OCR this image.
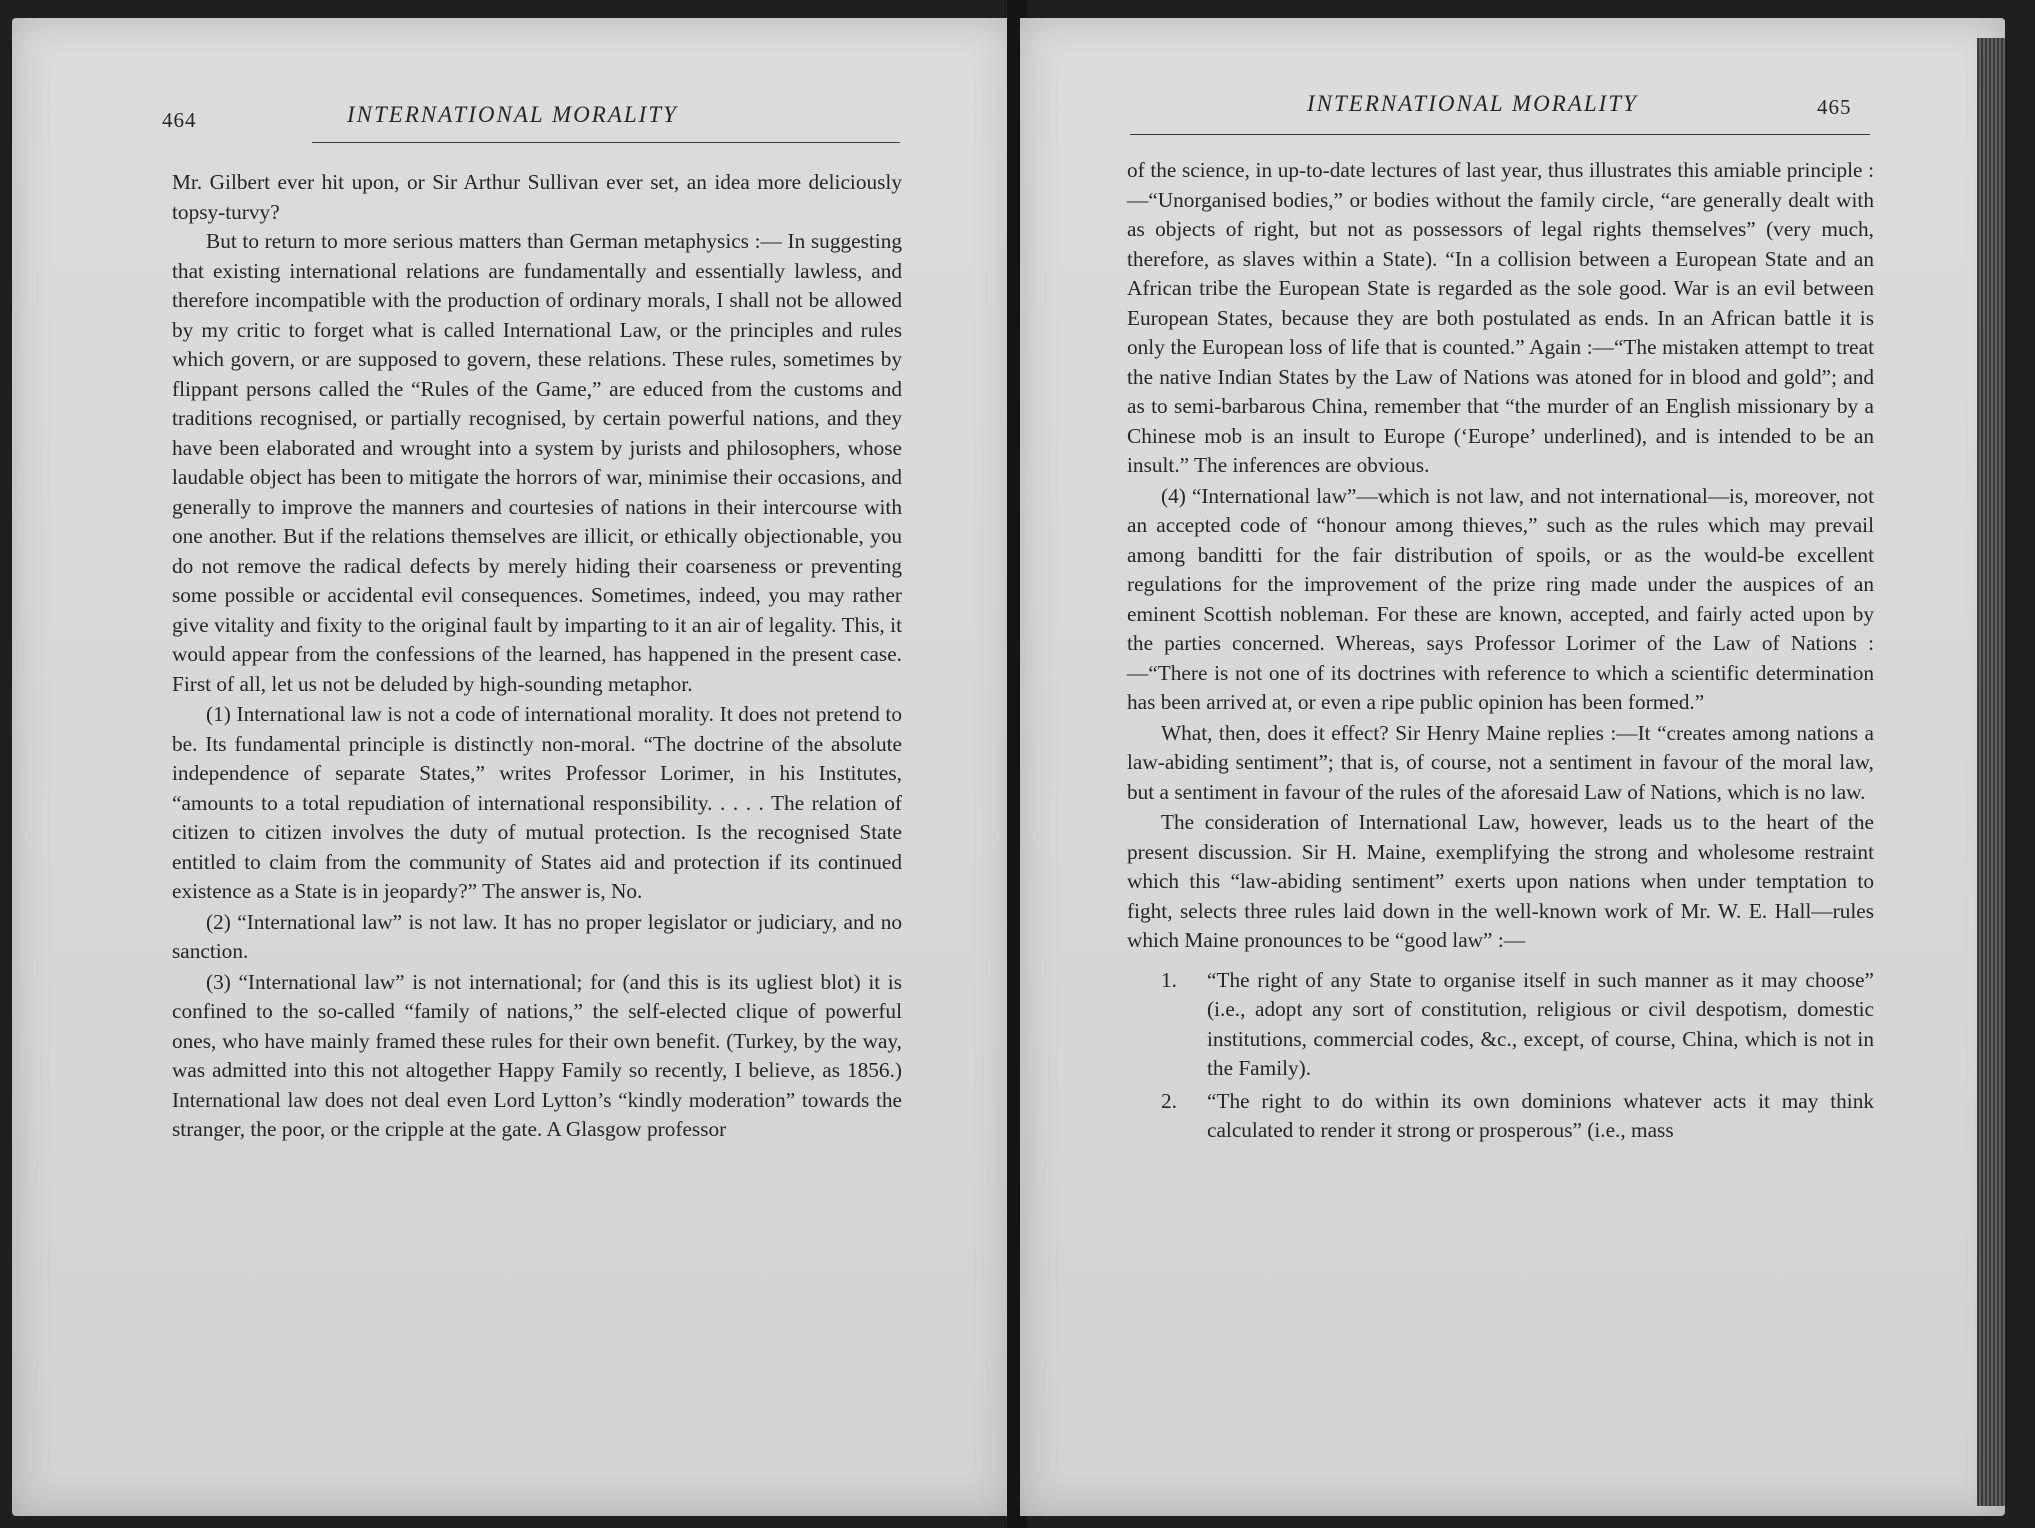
464	INTERNATIONAL MORALITY

Mr. Gilbert ever hit upon, or Sir Arthur Sullivan ever set, an idea more deliciously topsy-turvy?

But to return to more serious matters than German metaphysics :— In suggesting that existing international relations are fundamentally and essentially lawless, and therefore incompatible with the production of ordinary morals, I shall not be allowed by my critic to forget what is called International Law, or the principles and rules which govern, or are supposed to govern, these relations. These rules, sometimes by flippant persons called the “Rules of the Game,” are educed from the customs and traditions recognised, or partially recognised, by certain powerful nations, and they have been elaborated and wrought into a system by jurists and philosophers, whose laudable object has been to mitigate the horrors of war, minimise their occasions, and generally to improve the manners and courtesies of nations in their intercourse with one another. But if the relations themselves are illicit, or ethically objectionable, you do not remove the radical defects by merely hiding their coarseness or preventing some possible or accidental evil consequences. Sometimes, indeed, you may rather give vitality and fixity to the original fault by imparting to it an air of legality. This, it would appear from the confessions of the learned, has happened in the present case. First of all, let us not be deluded by high-sounding metaphor.

(1) International law is not a code of international morality. It does not pretend to be. Its fundamental principle is distinctly non-moral. “The doctrine of the absolute independence of separate States,” writes Professor Lorimer, in his Institutes, “amounts to a total repudiation of international responsibility. . . . . The relation of citizen to citizen involves the duty of mutual protection. Is the recognised State entitled to claim from the community of States aid and protection if its continued existence as a State is in jeopardy?” The answer is, No.

(2) “International law” is not law. It has no proper legislator or judiciary, and no sanction.

(3) “International law” is not international; for (and this is its ugliest blot) it is confined to the so-called “family of nations,” the self-elected clique of powerful ones, who have mainly framed these rules for their own benefit. (Turkey, by the way, was admitted into this not altogether Happy Family so recently, I believe, as 1856.) International law does not deal even Lord Lytton’s “kindly moderation” towards the stranger, the poor, or the cripple at the gate. A Glasgow professor

INTERNATIONAL MORALITY	465

of the science, in up-to-date lectures of last year, thus illustrates this amiable principle :—“Unorganised bodies,” or bodies without the family circle, “are generally dealt with as objects of right, but not as possessors of legal rights themselves” (very much, therefore, as slaves within a State). “In a collision between a European State and an African tribe the European State is regarded as the sole good. War is an evil between European States, because they are both postulated as ends. In an African battle it is only the European loss of life that is counted.” Again :—“The mistaken attempt to treat the native Indian States by the Law of Nations was atoned for in blood and gold”; and as to semi-barbarous China, remember that “the murder of an English missionary by a Chinese mob is an insult to Europe (‘Europe’ underlined), and is intended to be an insult.” The inferences are obvious.

(4) “International law”—which is not law, and not international—is, moreover, not an accepted code of “honour among thieves,” such as the rules which may prevail among banditti for the fair distribution of spoils, or as the would-be excellent regulations for the improvement of the prize ring made under the auspices of an eminent Scottish nobleman. For these are known, accepted, and fairly acted upon by the parties concerned. Whereas, says Professor Lorimer of the Law of Nations :—“There is not one of its doctrines with reference to which a scientific determination has been arrived at, or even a ripe public opinion has been formed.”

What, then, does it effect? Sir Henry Maine replies :—It “creates among nations a law-abiding sentiment”; that is, of course, not a sentiment in favour of the moral law, but a sentiment in favour of the rules of the aforesaid Law of Nations, which is no law.

The consideration of International Law, however, leads us to the heart of the present discussion. Sir H. Maine, exemplifying the strong and wholesome restraint which this “law-abiding sentiment” exerts upon nations when under temptation to fight, selects three rules laid down in the well-known work of Mr. W. E. Hall—rules which Maine pronounces to be “good law” :—

1. “The right of any State to organise itself in such manner as it may choose” (i.e., adopt any sort of constitution, religious or civil despotism, domestic institutions, commercial codes, &c., except, of course, China, which is not in the Family).
2. “The right to do within its own dominions whatever acts it may think calculated to render it strong or prosperous” (i.e., mass
